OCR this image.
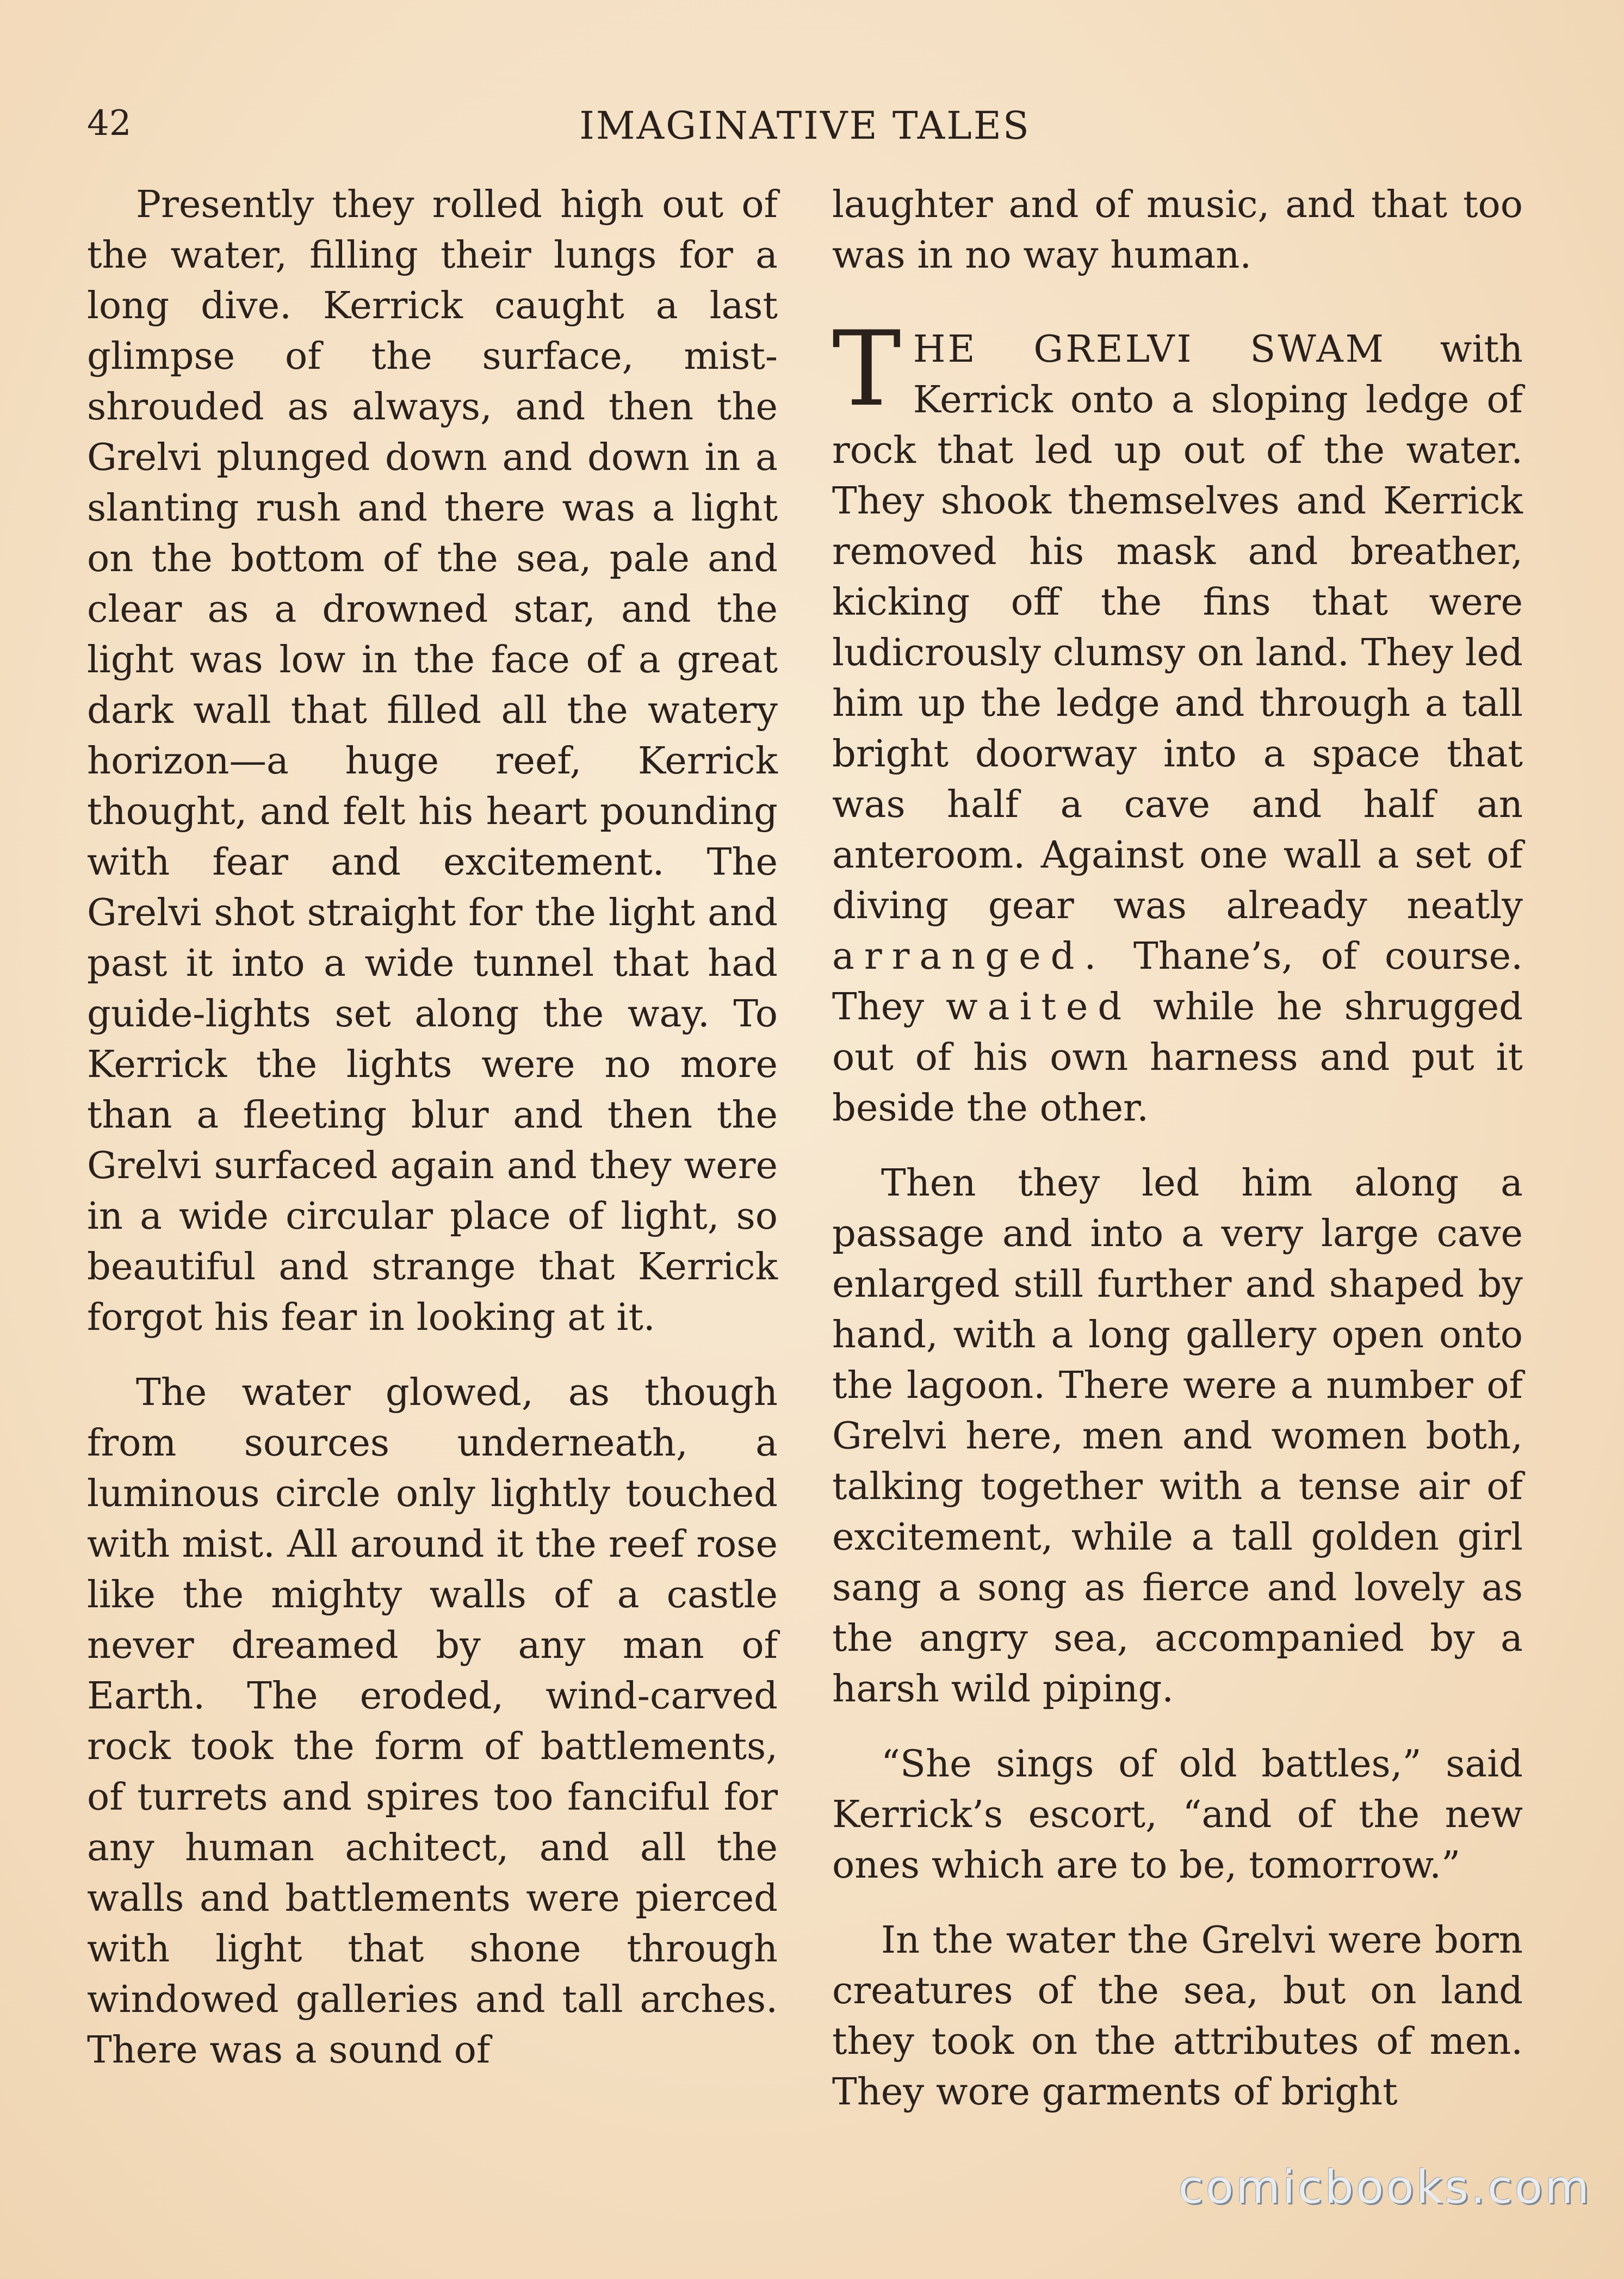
42	IMAGINATIVE TALES

Presently they rolled high out of the water, filling their lungs for a long dive. Kerrick caught a last glimpse of the surface, mist-shrouded as always, and then the Grelvi plunged down and down in a slanting rush and there was a light on the bottom of the sea, pale and clear as a drowned star, and the light was low in the face of a great dark wall that filled all the watery horizon—a huge reef, Kerrick thought, and felt his heart pounding with fear and excitement. The Grelvi shot straight for the light and past it into a wide tunnel that had guide-lights set along the way. To Kerrick the lights were no more than a fleeting blur and then the Grelvi surfaced again and they were in a wide circular place of light, so beautiful and strange that Kerrick forgot his fear in looking at it.

The water glowed, as though from sources underneath, a luminous circle only lightly touched with mist. All around it the reef rose like the mighty walls of a castle never dreamed by any man of Earth. The eroded, wind-carved rock took the form of battlements, of turrets and spires too fanciful for any human achitect, and all the walls and battlements were pierced with light that shone through windowed galleries and tall arches. There was a sound of

laughter and of music, and that too was in no way human.

THE GRELVI SWAM with Kerrick onto a sloping ledge of rock that led up out of the water. They shook themselves and Kerrick removed his mask and breather, kicking off the fins that were ludicrously clumsy on land. They led him up the ledge and through a tall bright doorway into a space that was half a cave and half an anteroom. Against one wall a set of diving gear was already neatly arranged. Thane’s, of course. They waited while he shrugged out of his own harness and put it beside the other.

Then they led him along a passage and into a very large cave enlarged still further and shaped by hand, with a long gallery open onto the lagoon. There were a number of Grelvi here, men and women both, talking together with a tense air of excitement, while a tall golden girl sang a song as fierce and lovely as the angry sea, accompanied by a harsh wild piping.

“She sings of old battles,” said Kerrick’s escort, “and of the new ones which are to be, tomorrow.”

In the water the Grelvi were born creatures of the sea, but on land they took on the attributes of men. They wore garments of bright

comicbooks.com
